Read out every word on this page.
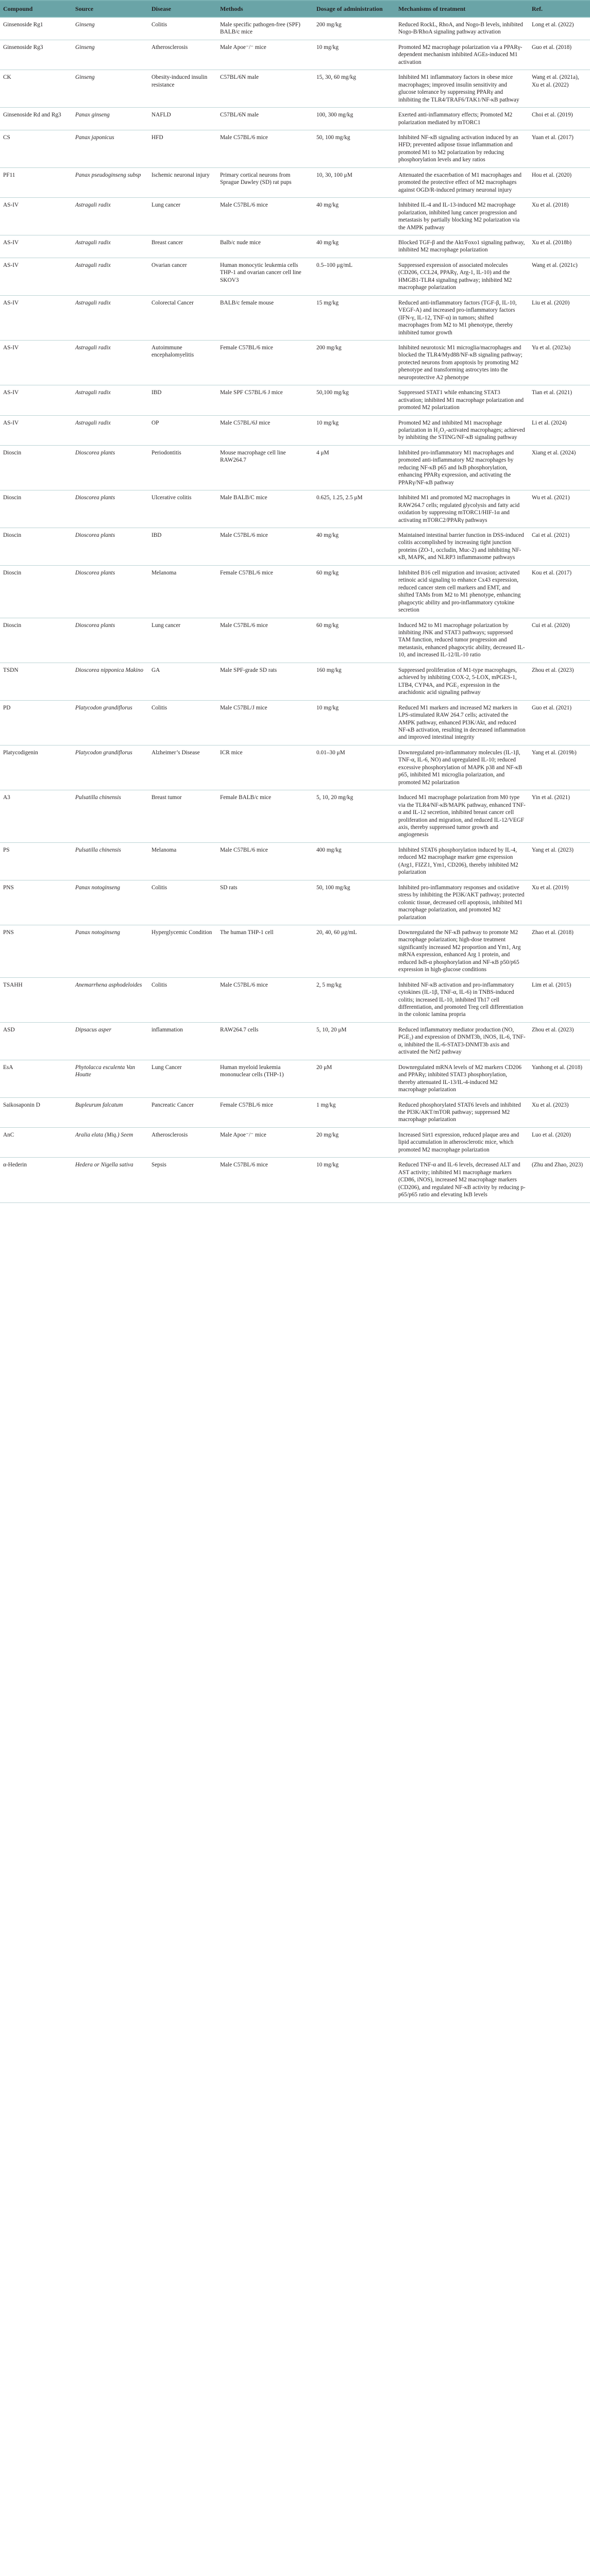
Compound	Source	Disease	Methods	Dosage of administration	Mechanisms of treatment	Ref.
Ginsenoside Rg1	Ginseng	Colitis	Male specific pathogen-free (SPF) BALB/c mice	200 mg/kg	Reduced RockL, RhoA, and Nogo-B levels, inhibited Nogo-B/RhoA signaling pathway activation	Long et al. (2022)
Ginsenoside Rg3	Ginseng	Atherosclerosis	Male Apoe⁻/⁻ mice	10 mg/kg	Promoted M2 macrophage polarization via a PPARγ-dependent mechanism inhibited AGEs-induced M1 activation	Guo et al. (2018)
CK	Ginseng	Obesity-induced insulin resistance	C57BL/6N male	15, 30, 60 mg/kg	Inhibited M1 inflammatory factors in obese mice macrophages; improved insulin sensitivity and glucose tolerance by suppressing PPARγ and inhibiting the TLR4/TRAF6/TAK1/NF-κB pathway	Wang et al. (2021a), Xu et al. (2022)
Ginsenoside Rd and Rg3	Panax ginseng	NAFLD	C57BL/6N male	100, 300 mg/kg	Exerted anti-inflammatory effects; Promoted M2 polarization mediated by mTORC1	Choi et al. (2019)
CS	Panax japonicus	HFD	Male C57BL/6 mice	50, 100 mg/kg	Inhibited NF-κB signaling activation induced by an HFD; prevented adipose tissue inflammation and promoted M1 to M2 polarization by reducing phosphorylation levels and key ratios	Yuan et al. (2017)
PF11	Panax pseudoginseng subsp	Ischemic neuronal injury	Primary cortical neurons from Sprague Dawley (SD) rat pups	10, 30, 100 μM	Attenuated the exacerbation of M1 macrophages and promoted the protective effect of M2 macrophages against OGD/R-induced primary neuronal injury	Hou et al. (2020)
AS-IV	Astragali radix	Lung cancer	Male C57BL/6 mice	40 mg/kg	Inhibited IL-4 and IL-13-induced M2 macrophage polarization, inhibited lung cancer progression and metastasis by partially blocking M2 polarization via the AMPK pathway	Xu et al. (2018)
AS-IV	Astragali radix	Breast cancer	Balb/c nude mice	40 mg/kg	Blocked TGF-β and the Akt/Foxo1 signaling pathway, inhibited M2 macrophage polarization	Xu et al. (2018b)
AS-IV	Astragali radix	Ovarian cancer	Human monocytic leukemia cells THP-1 and ovarian cancer cell line SKOV3	0.5–100 μg/mL	Suppressed expression of associated molecules (CD206, CCL24, PPARγ, Arg-1, IL-10) and the HMGB1-TLR4 signaling pathway; inhibited M2 macrophage polarization	Wang et al. (2021c)
AS-IV	Astragali radix	Colorectal Cancer	BALB/c female mouse	15 mg/kg	Reduced anti-inflammatory factors (TGF-β, IL-10, VEGF-A) and increased pro-inflammatory factors (IFN-γ, IL-12, TNF-α) in tumors; shifted macrophages from M2 to M1 phenotype, thereby inhibited tumor growth	Liu et al. (2020)
AS-IV	Astragali radix	Autoimmune encephalomyelitis	Female C57BL/6 mice	200 mg/kg	Inhibited neurotoxic M1 microglia/macrophages and blocked the TLR4/Myd88/NF-κB signaling pathway; protected neurons from apoptosis by promoting M2 phenotype and transforming astrocytes into the neuroprotective A2 phenotype	Yu et al. (2023a)
AS-IV	Astragali radix	IBD	Male SPF C57BL/6 J mice	50,100 mg/kg	Suppressed STAT1 while enhancing STAT3 activation; inhibited M1 macrophage polarization and promoted M2 polarization	Tian et al. (2021)
AS-IV	Astragali radix	OP	Male C57BL/6J mice	10 mg/kg	Promoted M2 and inhibited M1 macrophage polarization in H₂O₂-activated macrophages; achieved by inhibiting the STING/NF-κB signaling pathway	Li et al. (2024)
Dioscin	Dioscorea plants	Periodontitis	Mouse macrophage cell line RAW264.7	4 μM	Inhibited pro-inflammatory M1 macrophages and promoted anti-inflammatory M2 macrophages by reducing NF-κB p65 and IκB phosphorylation, enhancing PPARγ expression, and activating the PPARγ/NF-κB pathway	Xiang et al. (2024)
Dioscin	Dioscorea plants	Ulcerative colitis	Male BALB/C mice	0.625, 1.25, 2.5 μM	Inhibited M1 and promoted M2 macrophages in RAW264.7 cells; regulated glycolysis and fatty acid oxidation by suppressing mTORC1/HIF-1α and activating mTORC2/PPARγ pathways	Wu et al. (2021)
Dioscin	Dioscorea plants	IBD	Male C57BL/6 mice	40 mg/kg	Maintained intestinal barrier function in DSS-induced colitis accomplished by increasing tight junction proteins (ZO-1, occludin, Muc-2) and inhibiting NF-κB, MAPK, and NLRP3 inflammasome pathways	Cai et al. (2021)
Dioscin	Dioscorea plants	Melanoma	Female C57BL/6 mice	60 mg/kg	Inhibited B16 cell migration and invasion; activated retinoic acid signaling to enhance Cx43 expression, reduced cancer stem cell markers and EMT, and shifted TAMs from M2 to M1 phenotype, enhancing phagocytic ability and pro-inflammatory cytokine secretion	Kou et al. (2017)
Dioscin	Dioscorea plants	Lung cancer	Male C57BL/6 mice	60 mg/kg	Induced M2 to M1 macrophage polarization by inhibiting JNK and STAT3 pathways; suppressed TAM function, reduced tumor progression and metastasis, enhanced phagocytic ability, decreased IL-10, and increased IL-12/IL-10 ratio	Cui et al. (2020)
TSDN	Dioscorea nipponica Makino	GA	Male SPF-grade SD rats	160 mg/kg	Suppressed proliferation of M1-type macrophages, achieved by inhibiting COX-2, 5-LOX, mPGES-1, LTB4, CYP4A, and PGE₂ expression in the arachidonic acid signaling pathway	Zhou et al. (2023)
PD	Platycodon grandiflorus	Colitis	Male C57BL/J mice	10 mg/kg	Reduced M1 markers and increased M2 markers in LPS-stimulated RAW 264.7 cells; activated the AMPK pathway, enhanced PI3K/Akt, and reduced NF-κB activation, resulting in decreased inflammation and improved intestinal integrity	Guo et al. (2021)
Platycodigenin	Platycodon grandiflorus	Alzheimer’s Disease	ICR mice	0.01–30 μM	Downregulated pro-inflammatory molecules (IL-1β, TNF-α, IL-6, NO) and upregulated IL-10; reduced excessive phosphorylation of MAPK p38 and NF-κB p65, inhibited M1 microglia polarization, and promoted M2 polarization	Yang et al. (2019b)
A3	Pulsatilla chinensis	Breast tumor	Female BALB/c mice	5, 10, 20 mg/kg	Induced M1 macrophage polarization from M0 type via the TLR4/NF-κB/MAPK pathway, enhanced TNF-α and IL-12 secretion, inhibited breast cancer cell proliferation and migration, and reduced IL-12/VEGF axis, thereby suppressed tumor growth and angiogenesis	Yin et al. (2021)
PS	Pulsatilla chinensis	Melanoma	Male C57BL/6 mice	400 mg/kg	Inhibited STAT6 phosphorylation induced by IL-4, reduced M2 macrophage marker gene expression (Arg1, FIZZ1, Ym1, CD206), thereby inhibited M2 polarization	Yang et al. (2023)
PNS	Panax notoginseng	Colitis	SD rats	50, 100 mg/kg	Inhibited pro-inflammatory responses and oxidative stress by inhibiting the PI3K/AKT pathway; protected colonic tissue, decreased cell apoptosis, inhibited M1 macrophage polarization, and promoted M2 polarization	Xu et al. (2019)
PNS	Panax notoginseng	Hyperglycemic Condition	The human THP-1 cell	20, 40, 60 μg/mL	Downregulated the NF-κB pathway to promote M2 macrophage polarization; high-dose treatment significantly increased M2 proportion and Ym1, Arg mRNA expression, enhanced Arg 1 protein, and reduced IκB-α phosphorylation and NF-κB p50/p65 expression in high-glucose conditions	Zhao et al. (2018)
TSAHH	Anemarrhena asphodeloides	Colitis	Male C57BL/6 mice	2, 5 mg/kg	Inhibited NF-κB activation and pro-inflammatory cytokines (IL-1β, TNF-α, IL-6) in TNBS-induced colitis; increased IL-10, inhibited Th17 cell differentiation, and promoted Treg cell differentiation in the colonic lamina propria	Lim et al. (2015)
ASD	Dipsacus asper	inflammation	RAW264.7 cells	5, 10, 20 μM	Reduced inflammatory mediator production (NO, PGE₂) and expression of DNMT3b, iNOS, IL-6, TNF-α, inhibited the IL-6-STAT3-DNMT3b axis and activated the Nrf2 pathway	Zhou et al. (2023)
EsA	Phytolacca esculenta Van Houtte	Lung Cancer	Human myeloid leukemia mononuclear cells (THP-1)	20 μM	Downregulated mRNA levels of M2 markers CD206 and PPARγ; inhibited STAT3 phosphorylation, thereby attenuated IL-13/IL-4-induced M2 macrophage polarization	Yanhong et al. (2018)
Saikosaponin D	Bupleurum falcatum	Pancreatic Cancer	Female C57BL/6 mice	1 mg/kg	Reduced phosphorylated STAT6 levels and inhibited the PI3K/AKT/mTOR pathway; suppressed M2 macrophage polarization	Xu et al. (2023)
AnC	Aralia elata (Miq.) Seem	Atherosclerosis	Male Apoe⁻/⁻ mice	20 mg/kg	Increased Sirt1 expression, reduced plaque area and lipid accumulation in atherosclerotic mice, which promoted M2 macrophage polarization	Luo et al. (2020)
α-Hederin	Hedera or Nigella sativa	Sepsis	Male C57BL/6 mice	10 mg/kg	Reduced TNF-α and IL-6 levels, decreased ALT and AST activity; inhibited M1 macrophage markers (CD86, iNOS), increased M2 macrophage markers (CD206), and regulated NF-κB activity by reducing p-p65/p65 ratio and elevating IκB levels	(Zhu and Zhao, 2023)
